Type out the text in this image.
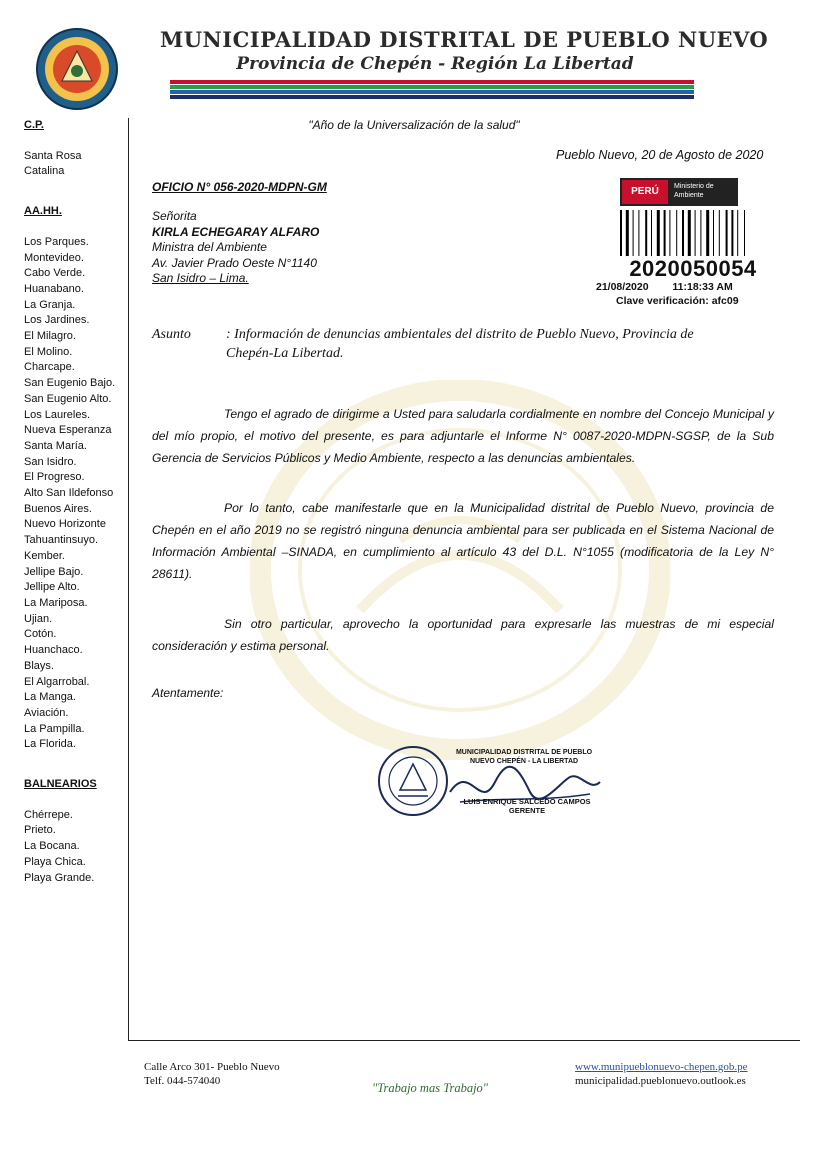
MUNICIPALIDAD DISTRITAL DE PUEBLO NUEVO
Provincia de Chepén - Región La Libertad
C.P.
Santa Rosa
Catalina
AA.HH.
Los Parques.
Montevideo.
Cabo Verde.
Huanabano.
La Granja.
Los Jardines.
El Milagro.
El Molino.
Charcape.
San Eugenio Bajo.
San Eugenio Alto.
Los Laureles.
Nueva Esperanza
Santa María.
San Isidro.
El Progreso.
Alto San Ildefonso
Buenos Aires.
Nuevo Horizonte
Tahuantinsuyo.
Kember.
Jellipe Bajo.
Jellipe Alto.
La Mariposa.
Ujian.
Cotón.
Huanchaco.
Blays.
El Algarrobal.
La Manga.
Aviación.
La Pampilla.
La Florida.
BALNEARIOS
Chérrepe.
Prieto.
La Bocana.
Playa Chica.
Playa Grande.
"Año de la Universalización de la salud"
Pueblo Nuevo, 20 de Agosto de 2020
OFICIO N° 056-2020-MDPN-GM
Señorita
KIRLA ECHEGARAY ALFARO
Ministra del Ambiente
Av. Javier Prado Oeste N°1140
San Isidro – Lima.
PERÚ	Ministerio de Ambiente
2020050054
21/08/2020 11:18:33 AM
Clave verificación: afc09
Asunto	: Información de denuncias ambientales del distrito de Pueblo Nuevo, Provincia de Chepén-La Libertad.
Tengo el agrado de dirigirme a Usted para saludarla cordialmente en nombre del Concejo Municipal y del mío propio, el motivo del presente, es para adjuntarle el Informe N° 0087-2020-MDPN-SGSP, de la Sub Gerencia de Servicios Públicos y Medio Ambiente, respecto a las denuncias ambientales.
Por lo tanto, cabe manifestarle que en la Municipalidad distrital de Pueblo Nuevo, provincia de Chepén en el año 2019 no se registró ninguna denuncia ambiental para ser publicada en el Sistema Nacional de Información Ambiental –SINADA, en cumplimiento al artículo 43 del D.L. N°1055 (modificatoria de la Ley N° 28611).
Sin otro particular, aprovecho la oportunidad para expresarle las muestras de mi especial consideración y estima personal.
Atentamente:
MUNICIPALIDAD DISTRITAL DE PUEBLO NUEVO CHEPÉN - LA LIBERTAD
LUIS ENRIQUE SALCEDO CAMPOS
GERENTE
Calle Arco 301- Pueblo Nuevo
Telf. 044-574040	"Trabajo mas Trabajo"
www.munipueblonuevo-chepen.gob.pe
municipalidad.pueblonuevo.outlook.es
